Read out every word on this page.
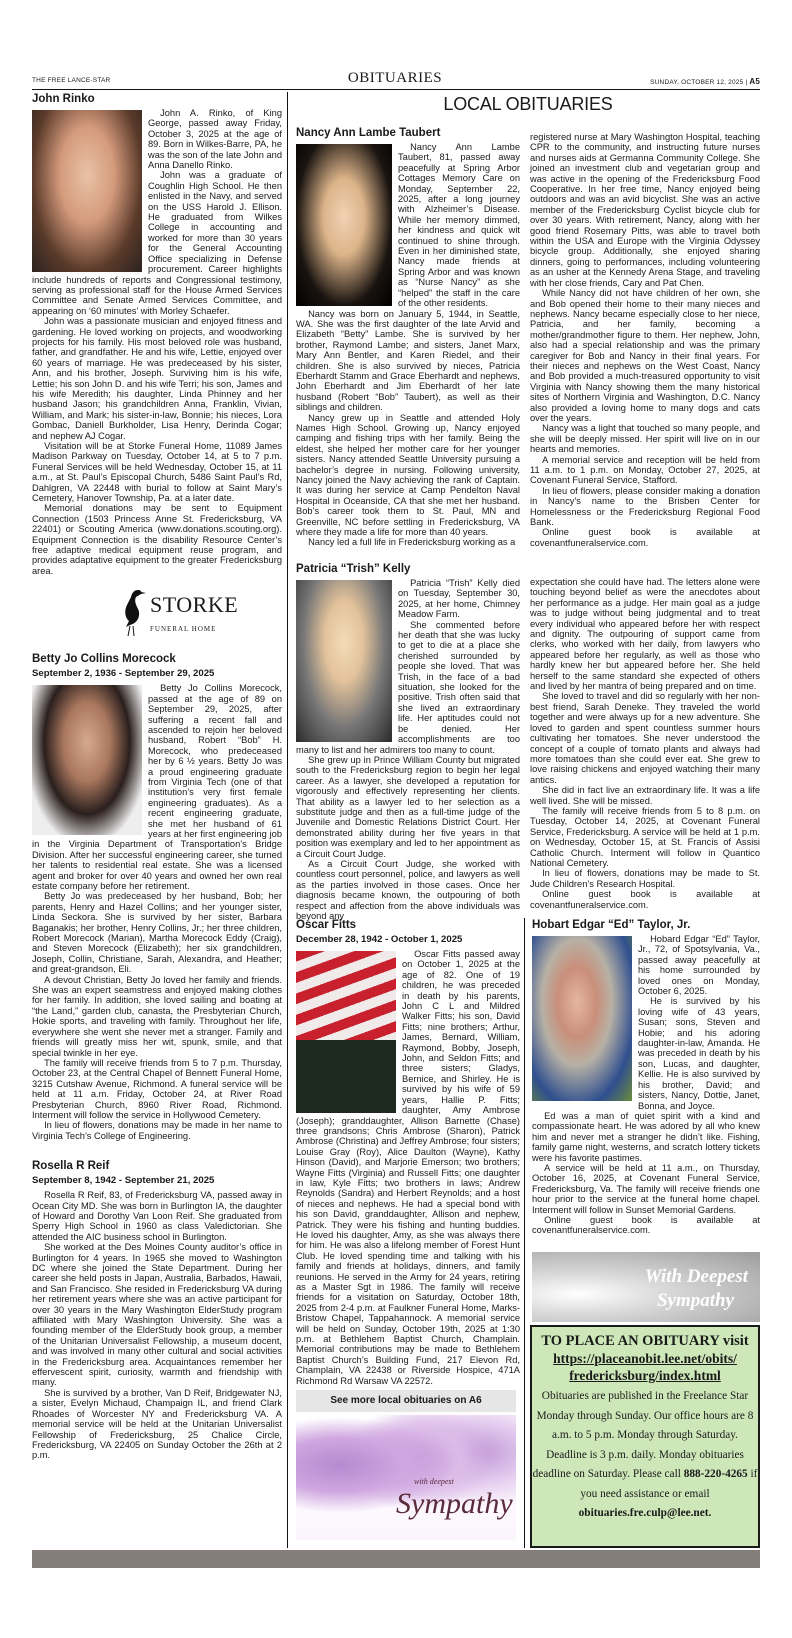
THE FREE LANCE-STAR	OBITUARIES	SUNDAY, OCTOBER 12, 2025 | A5
John Rinko

John A. Rinko, of King George, passed away Friday, October 3, 2025 at the age of 89. Born in Wilkes-Barre, PA, he was the son of the late John and Anna Danello Rinko.

John was a graduate of Coughlin High School. He then enlisted in the Navy, and served on the USS Harold J. Ellison. He graduated from Wilkes College in accounting and worked for more than 30 years for the General Accounting Office specializing in Defense procurement. Career highlights include hundreds of reports and Congressional testimony, serving as professional staff for the House Armed Services Committee and Senate Armed Services Committee, and appearing on ‘60 minutes’ with Morley Schaefer.

John was a passionate musician and enjoyed fitness and gardening. He loved working on projects, and woodworking projects for his family. His most beloved role was husband, father, and grandfather. He and his wife, Lettie, enjoyed over 60 years of marriage. He was predeceased by his sister, Ann, and his brother, Joseph. Surviving him is his wife, Lettie; his son John D. and his wife Terri; his son, James and his wife Meredith; his daughter, Linda Phinney and her husband Jason; his grandchildren Anna, Franklin, Vivian, William, and Mark; his sister-in-law, Bonnie; his nieces, Lora Gombac, Daniell Burkholder, Lisa Henry, Derinda Cogar; and nephew AJ Cogar.

Visitation will be at Storke Funeral Home, 11089 James Madison Parkway on Tuesday, October 14, at 5 to 7 p.m. Funeral Services will be held Wednesday, October 15, at 11 a.m., at St. Paul’s Episcopal Church, 5486 Saint Paul’s Rd, Dahlgren, VA 22448 with burial to follow at Saint Mary’s Cemetery, Hanover Township, Pa. at a later date.

Memorial donations may be sent to Equipment Connection (1503 Princess Anne St. Fredericksburg, VA 22401) or Scouting America (www.donations.scouting.org). Equipment Connection is the disability Resource Center’s free adaptive medical equipment reuse program, and provides adaptative equipment to the greater Fredericksburg area.

STORKE
FUNERAL HOME
Betty Jo Collins Morecock
September 2, 1936 - September 29, 2025

Betty Jo Collins Morecock, passed at the age of 89 on September 29, 2025, after suffering a recent fall and ascended to rejoin her beloved husband, Robert “Bob” H. Morecock, who predeceased her by 6 ½ years. Betty Jo was a proud engineering graduate from Virginia Tech (one of that institution’s very first female engineering graduates). As a recent engineering graduate, she met her husband of 61 years at her first engineering job in the Virginia Department of Transportation’s Bridge Division. After her successful engineering career, she turned her talents to residential real estate. She was a licensed agent and broker for over 40 years and owned her own real estate company before her retirement.

Betty Jo was predeceased by her husband, Bob; her parents, Henry and Hazel Collins; and her younger sister, Linda Seckora. She is survived by her sister, Barbara Baganakis; her brother, Henry Collins, Jr.; her three children, Robert Morecock (Marian), Martha Morecock Eddy (Craig), and Steven Morecock (Elizabeth); her six grandchildren, Joseph, Collin, Christiane, Sarah, Alexandra, and Heather; and great-grandson, Eli.

A devout Christian, Betty Jo loved her family and friends. She was an expert seamstress and enjoyed making clothes for her family. In addition, she loved sailing and boating at “the Land,” garden club, canasta, the Presbyterian Church, Hokie sports, and traveling with family. Throughout her life, everywhere she went she never met a stranger. Family and friends will greatly miss her wit, spunk, smile, and that special twinkle in her eye.

The family will receive friends from 5 to 7 p.m. Thursday, October 23, at the Central Chapel of Bennett Funeral Home, 3215 Cutshaw Avenue, Richmond. A funeral service will be held at 11 a.m. Friday, October 24, at River Road Presbyterian Church, 8960 River Road, Richmond. Interment will follow the service in Hollywood Cemetery.

In lieu of flowers, donations may be made in her name to Virginia Tech’s College of Engineering.

Rosella R Reif
September 8, 1942 - September 21, 2025

Rosella R Reif, 83, of Fredericksburg VA, passed away in Ocean City MD. She was born in Burlington IA, the daughter of Howard and Dorothy Van Loon Reif. She graduated from Sperry High School in 1960 as class Valedictorian. She attended the AIC business school in Burlington.

She worked at the Des Moines County auditor’s office in Burlington for 4 years. In 1965 she moved to Washington DC where she joined the State Department. During her career she held posts in Japan, Australia, Barbados, Hawaii, and San Francisco. She resided in Fredericksburg VA during her retirement years where she was an active participant for over 30 years in the Mary Washington ElderStudy program affiliated with Mary Washington University. She was a founding member of the ElderStudy book group, a member of the Unitarian Universalist Fellowship, a museum docent, and was involved in many other cultural and social activities in the Fredericksburg area. Acquaintances remember her effervescent spirit, curiosity, warmth and friendship with many.

She is survived by a brother, Van D Reif, Bridgewater NJ, a sister, Evelyn Michaud, Champaign IL, and friend Clark Rhoades of Worcester NY and Fredericksburg VA. A memorial service will be held at the Unitarian Universalist Fellowship of Fredericksburg, 25 Chalice Circle, Fredericksburg, VA 22405 on Sunday October the 26th at 2 p.m.

LOCAL OBITUARIES
Nancy Ann Lambe Taubert

Nancy Ann Lambe Taubert, 81, passed away peacefully at Spring Arbor Cottages Memory Care on Monday, September 22, 2025, after a long journey with Alzheimer’s Disease. While her memory dimmed, her kindness and quick wit continued to shine through. Even in her diminished state, Nancy made friends at Spring Arbor and was known as “Nurse Nancy” as she “helped” the staff in the care of the other residents.

Nancy was born on January 5, 1944, in Seattle, WA. She was the first daughter of the late Arvid and Elizabeth “Betty” Lambe. She is survived by her brother, Raymond Lambe; and sisters, Janet Marx, Mary Ann Bentler, and Karen Riedel, and their children. She is also survived by nieces, Patricia Eberhardt Stamm and Grace Eberhardt and nephews, John Eberhardt and Jim Eberhardt of her late husband (Robert “Bob” Taubert), as well as their siblings and children.

Nancy grew up in Seattle and attended Holy Names High School. Growing up, Nancy enjoyed camping and fishing trips with her family. Being the eldest, she helped her mother care for her younger sisters. Nancy attended Seattle University pursuing a bachelor’s degree in nursing. Following university, Nancy joined the Navy achieving the rank of Captain. It was during her service at Camp Pendelton Naval Hospital in Oceanside, CA that she met her husband. Bob’s career took them to St. Paul, MN and Greenville, NC before settling in Fredericksburg, VA where they made a life for more than 40 years.

Nancy led a full life in Fredericksburg working as a

registered nurse at Mary Washington Hospital, teaching CPR to the community, and instructing future nurses and nurses aids at Germanna Community College. She joined an investment club and vegetarian group and was active in the opening of the Fredericksburg Food Cooperative. In her free time, Nancy enjoyed being outdoors and was an avid bicyclist. She was an active member of the Fredericksburg Cyclist bicycle club for over 30 years. With retirement, Nancy, along with her good friend Rosemary Pitts, was able to travel both within the USA and Europe with the Virginia Odyssey bicycle group. Additionally, she enjoyed sharing dinners, going to performances, including volunteering as an usher at the Kennedy Arena Stage, and traveling with her close friends, Cary and Pat Chen.

While Nancy did not have children of her own, she and Bob opened their home to their many nieces and nephews. Nancy became especially close to her niece, Patricia, and her family, becoming a mother/grandmother figure to them. Her nephew, John, also had a special relationship and was the primary caregiver for Bob and Nancy in their final years. For their nieces and nephews on the West Coast, Nancy and Bob provided a much-treasured opportunity to visit Virginia with Nancy showing them the many historical sites of Northern Virginia and Washington, D.C. Nancy also provided a loving home to many dogs and cats over the years.

Nancy was a light that touched so many people, and she will be deeply missed. Her spirit will live on in our hearts and memories.

A memorial service and reception will be held from 11 a.m. to 1 p.m. on Monday, October 27, 2025, at Covenant Funeral Service, Stafford.

In lieu of flowers, please consider making a donation in Nancy’s name to the Brisben Center for Homelessness or the Fredericksburg Regional Food Bank.

Online guest book is available at covenantfuneralservice.com.

Patricia “Trish” Kelly

Patricia “Trish” Kelly died on Tuesday, September 30, 2025, at her home, Chimney Meadow Farm.

She commented before her death that she was lucky to get to die at a place she cherished surrounded by people she loved. That was Trish, in the face of a bad situation, she looked for the positive. Trish often said that she lived an extraordinary life. Her aptitudes could not be denied. Her accomplishments are too many to list and her admirers too many to count.

She grew up in Prince William County but migrated south to the Fredericksburg region to begin her legal career. As a lawyer, she developed a reputation for vigorously and effectively representing her clients. That ability as a lawyer led to her selection as a substitute judge and then as a full-time judge of the Juvenile and Domestic Relations District Court. Her demonstrated ability during her five years in that position was exemplary and led to her appointment as a Circuit Court Judge.

As a Circuit Court Judge, she worked with countless court personnel, police, and lawyers as well as the parties involved in those cases. Once her diagnosis became known, the outpouring of both respect and affection from the above individuals was beyond any

expectation she could have had. The letters alone were touching beyond belief as were the anecdotes about her performance as a judge. Her main goal as a judge was to judge without being judgmental and to treat every individual who appeared before her with respect and dignity. The outpouring of support came from clerks, who worked with her daily, from lawyers who appeared before her regularly, as well as those who hardly knew her but appeared before her. She held herself to the same standard she expected of others and lived by her mantra of being prepared and on time.

She loved to travel and did so regularly with her non-best friend, Sarah Deneke. They traveled the world together and were always up for a new adventure. She loved to garden and spent countless summer hours cultivating her tomatoes. She never understood the concept of a couple of tomato plants and always had more tomatoes than she could ever eat. She grew to love raising chickens and enjoyed watching their many antics.

She did in fact live an extraordinary life. It was a life well lived. She will be missed.

The family will receive friends from 5 to 8 p.m. on Tuesday, October 14, 2025, at Covenant Funeral Service, Fredericksburg. A service will be held at 1 p.m. on Wednesday, October 15, at St. Francis of Assisi Catholic Church. Interment will follow in Quantico National Cemetery.

In lieu of flowers, donations may be made to St. Jude Children’s Research Hospital.

Online guest book is available at covenantfuneralservice.com.

Oscar Fitts
December 28, 1942 - October 1, 2025

Oscar Fitts passed away on October 1, 2025 at the age of 82. One of 19 children, he was preceded in death by his parents, John C L and Mildred Walker Fitts; his son, David Fitts; nine brothers; Arthur, James, Bernard, William, Raymond, Bobby, Joseph, John, and Seldon Fitts; and three sisters; Gladys, Bernice, and Shirley. He is survived by his wife of 59 years, Hallie P. Fitts; daughter, Amy Ambrose (Joseph); granddaughter, Allison Barnette (Chase) three grandsons; Chris Ambrose (Sharon), Patrick Ambrose (Christina) and Jeffrey Ambrose; four sisters; Louise Gray (Roy), Alice Daulton (Wayne), Kathy Hinson (David), and Marjorie Emerson; two brothers; Wayne Fitts (Virginia) and Russell Fitts; one daughter in law, Kyle Fitts; two brothers in laws; Andrew Reynolds (Sandra) and Herbert Reynolds; and a host of nieces and nephews. He had a special bond with his son David, granddaughter, Allison and nephew, Patrick. They were his fishing and hunting buddies. He loved his daughter, Amy, as she was always there for him. He was also a lifelong member of Forest Hunt Club. He loved spending time and talking with his family and friends at holidays, dinners, and family reunions. He served in the Army for 24 years, retiring as a Master Sgt in 1986. The family will receive friends for a visitation on Saturday, October 18th, 2025 from 2-4 p.m. at Faulkner Funeral Home, Marks-Bristow Chapel, Tappahannock. A memorial service will be held on Sunday, October 19th, 2025 at 1:30 p.m. at Bethlehem Baptist Church, Champlain. Memorial contributions may be made to Bethlehem Baptist Church’s Building Fund, 217 Elevon Rd, Champlain, VA 22438 or Riverside Hospice, 471A Richmond Rd Warsaw VA 22572.

Hobart Edgar “Ed” Taylor, Jr.

Hobard Edgar “Ed” Taylor, Jr., 72, of Spotsylvania, Va., passed away peacefully at his home surrounded by loved ones on Monday, October 6, 2025.

He is survived by his loving wife of 43 years, Susan; sons, Steven and Hobie; and his adoring daughter-in-law, Amanda. He was preceded in death by his son, Lucas, and daughter, Kellie. He is also survived by his brother, David; and sisters, Nancy, Dottie, Janet, Bonna, and Joyce.

Ed was a man of quiet spirit with a kind and compassionate heart. He was adored by all who knew him and never met a stranger he didn’t like. Fishing, family game night, westerns, and scratch lottery tickets were his favorite pastimes.

A service will be held at 11 a.m., on Thursday, October 16, 2025, at Covenant Funeral Service, Fredericksburg, Va. The family will receive friends one hour prior to the service at the funeral home chapel. Interment will follow in Sunset Memorial Gardens.

Online guest book is available at covenantfuneralservice.com.

See more local obituaries on A6
with deepest
Sympathy
With Deepest
Sympathy
TO PLACE AN OBITUARY visit
https://placeanobit.lee.net/obits/
fredericksburg/index.html
Obituaries are published in the Freelance Star Monday through Sunday. Our office hours are 8 a.m. to 5 p.m. Monday through Saturday. Deadline is 3 p.m. daily. Monday obituaries deadline on Saturday. Please call 888-220-4265 if you need assistance or email
obituaries.fre.culp@lee.net.
